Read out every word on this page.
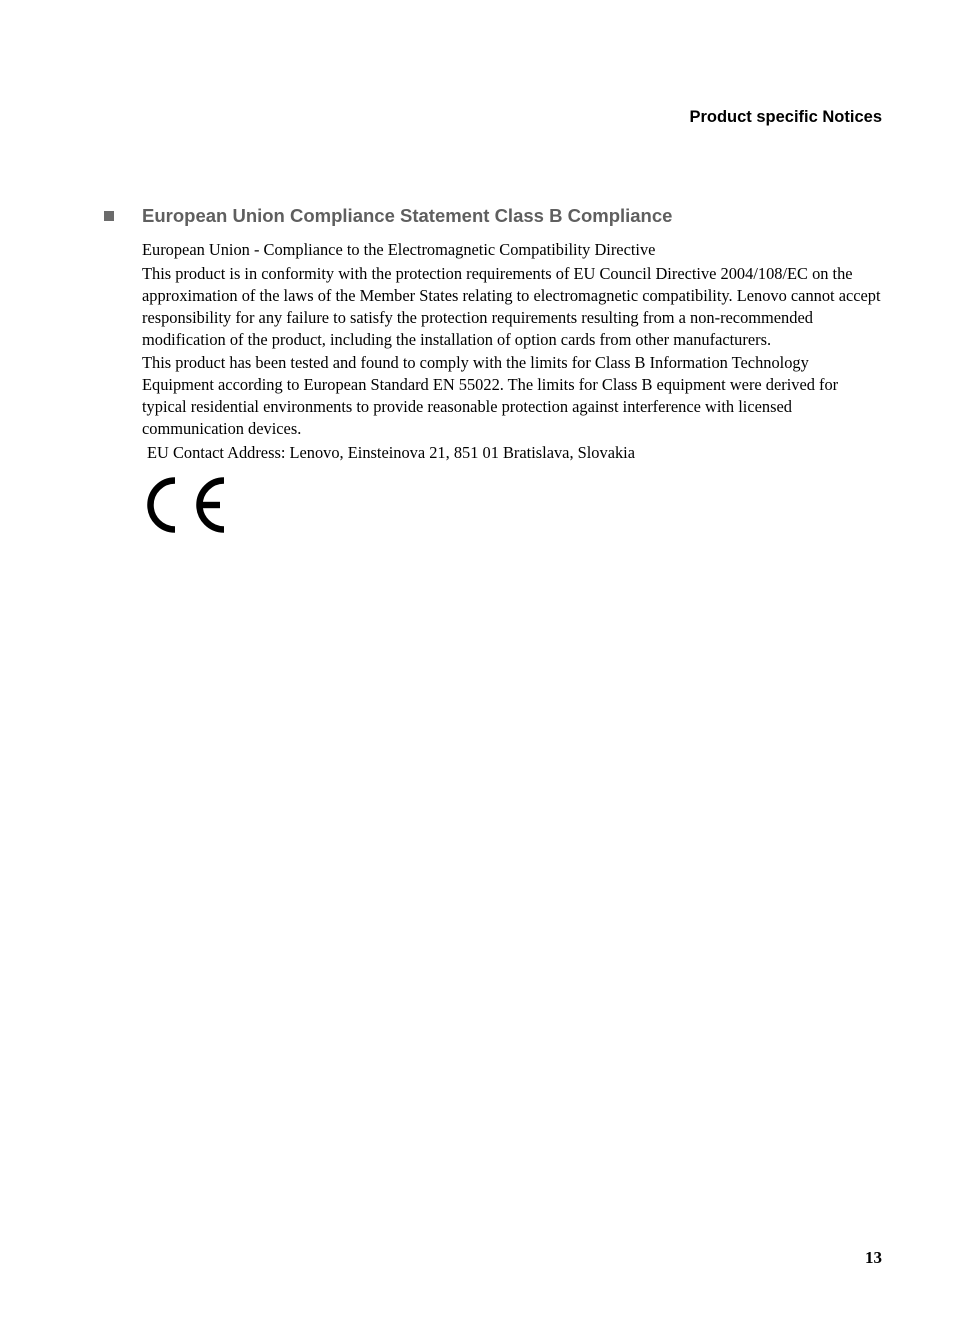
Product specific Notices
European Union Compliance Statement Class B Compliance

European Union - Compliance to the Electromagnetic Compatibility Directive

This product is in conformity with the protection requirements of EU Council Directive 2004/108/EC on the approximation of the laws of the Member States relating to electromagnetic compatibility. Lenovo cannot accept responsibility for any failure to satisfy the protection requirements resulting from a non-recommended modification of the product, including the installation of option cards from other manufacturers.

This product has been tested and found to comply with the limits for Class B Information Technology Equipment according to European Standard EN 55022. The limits for Class B equipment were derived for typical residential environments to provide reasonable protection against interference with licensed communication devices.

EU Contact Address: Lenovo, Einsteinova 21, 851 01 Bratislava, Slovakia

13
